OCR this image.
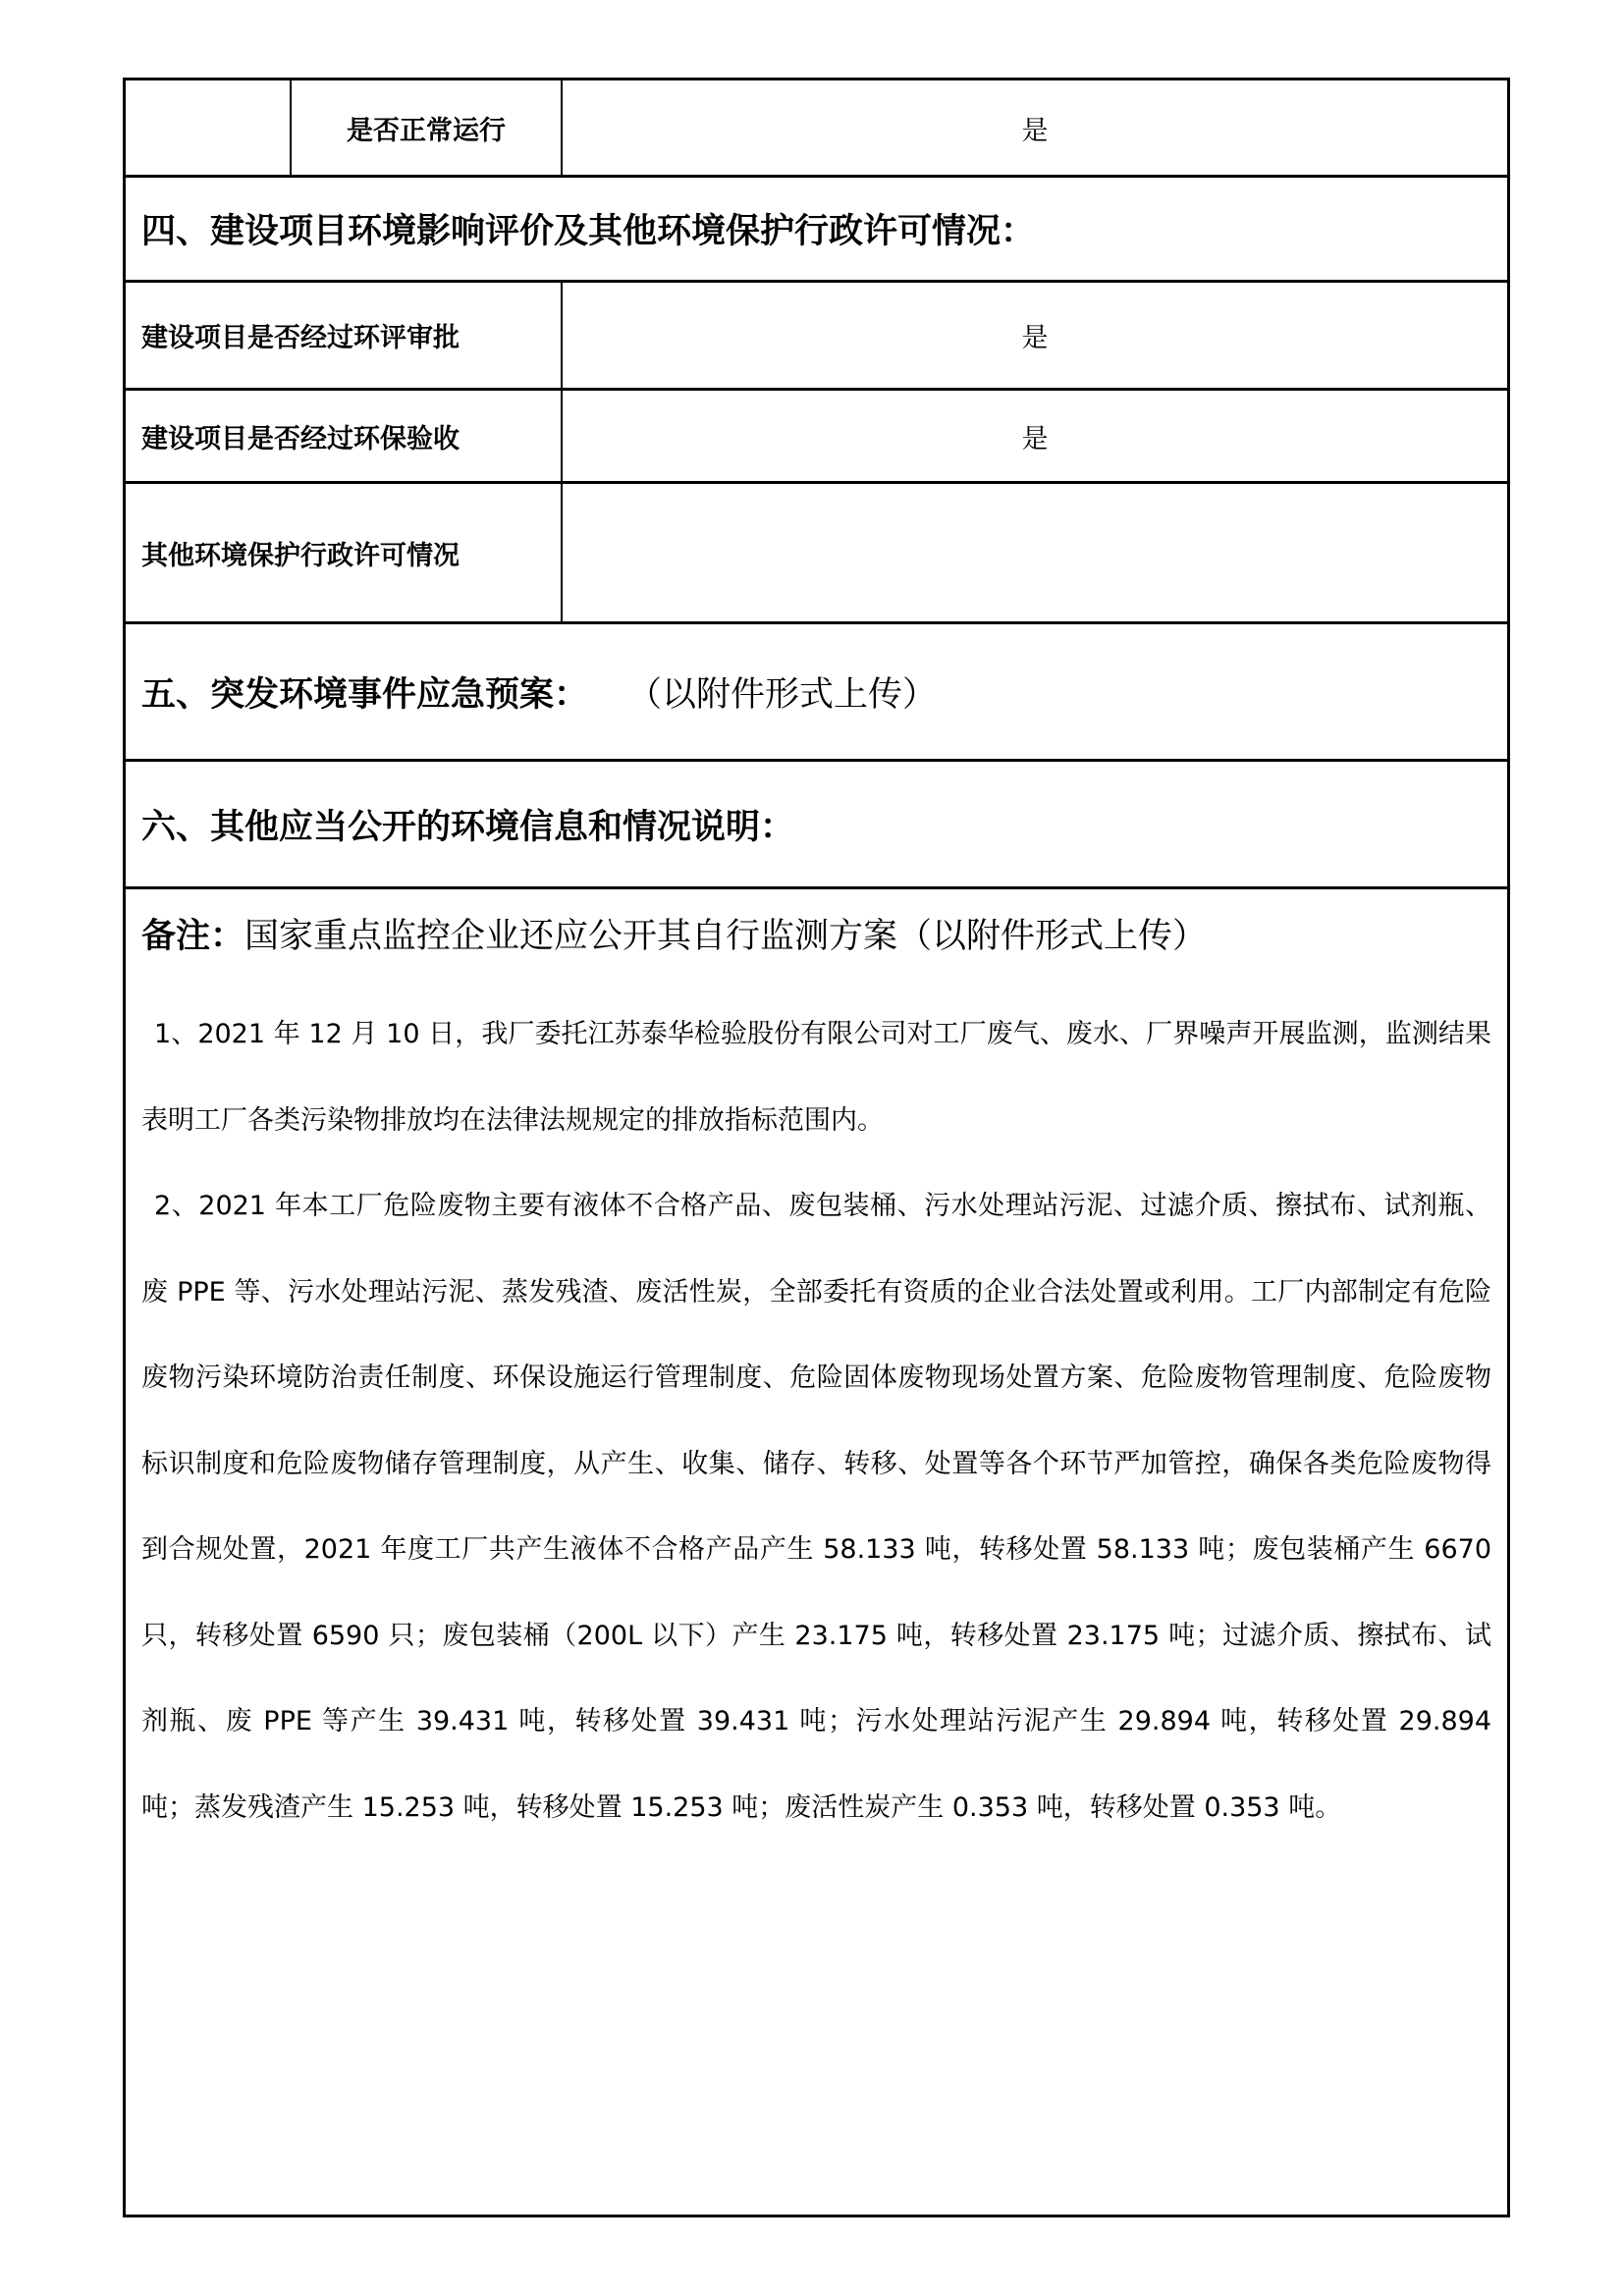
是否正常运行	是
四、建设项目环境影响评价及其他环境保护行政许可情况：
建设项目是否经过环评审批	是
建设项目是否经过环保验收	是
其他环境保护行政许可情况
五、突发环境事件应急预案： （以附件形式上传）
六、其他应当公开的环境信息和情况说明：
备注：国家重点监控企业还应公开其自行监测方案（以附件形式上传）

1、2021 年 12 月 10 日，我厂委托江苏泰华检验股份有限公司对工厂废气、废水、厂界噪声开展监测，监测结果表明工厂各类污染物排放均在法律法规规定的排放指标范围内。

2、2021 年本工厂危险废物主要有液体不合格产品、废包装桶、污水处理站污泥、过滤介质、擦拭布、试剂瓶、废 PPE 等、污水处理站污泥、蒸发残渣、废活性炭，全部委托有资质的企业合法处置或利用。工厂内部制定有危险废物污染环境防治责任制度、环保设施运行管理制度、危险固体废物现场处置方案、危险废物管理制度、危险废物标识制度和危险废物储存管理制度，从产生、收集、储存、转移、处置等各个环节严加管控，确保各类危险废物得到合规处置，2021 年度工厂共产生液体不合格产品产生 58.133 吨，转移处置 58.133 吨；废包装桶产生 6670 只，转移处置 6590 只；废包装桶（200L 以下）产生 23.175 吨，转移处置 23.175 吨；过滤介质、擦拭布、试剂瓶、废 PPE 等产生 39.431 吨，转移处置 39.431 吨；污水处理站污泥产生 29.894 吨，转移处置 29.894 吨；蒸发残渣产生 15.253 吨，转移处置 15.253 吨；废活性炭产生 0.353 吨，转移处置 0.353 吨。
